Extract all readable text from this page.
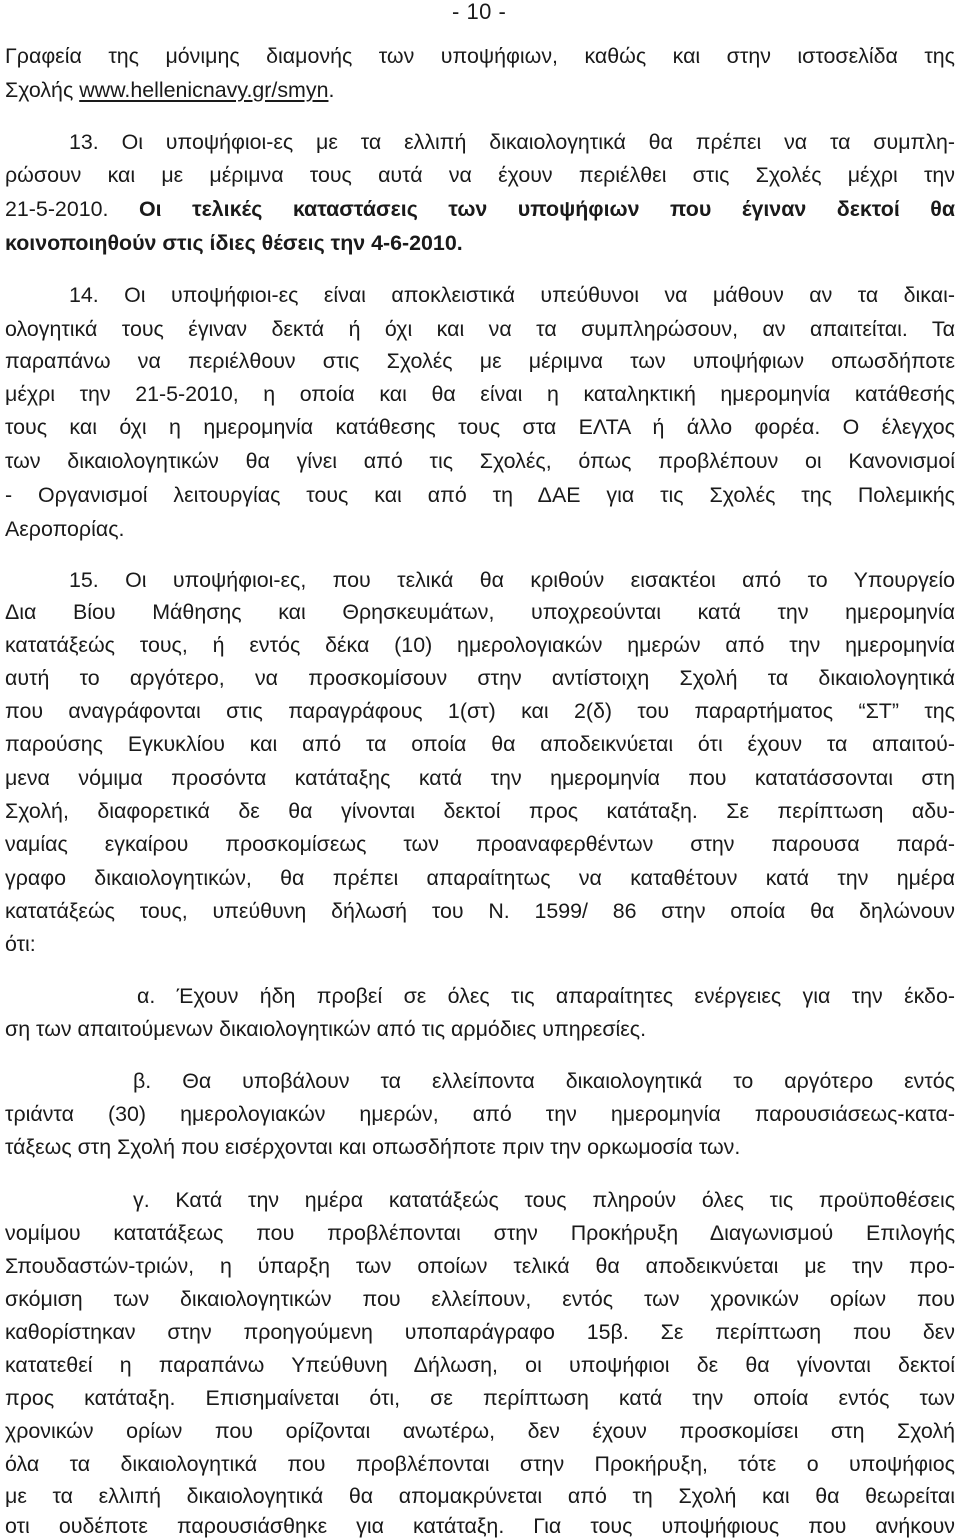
- 10 -
Γραφεία της μόνιμης διαμονής των υποψήφιων, καθώς και στην ιστοσελίδα της
Σχολής www.hellenicnavy.gr/smyn.
13. Οι υποψήφιοι-ες με τα ελλιπή δικαιολογητικά θα πρέπει να τα συμπλη-
ρώσουν και με μέριμνα τους αυτά να έχουν περιέλθει στις Σχολές μέχρι την
21-5-2010. Οι τελικές καταστάσεις των υποψήφιων που έγιναν δεκτοί θα
κοινοποιηθούν στις ίδιες θέσεις την 4-6-2010.
14. Οι υποψήφιοι-ες είναι αποκλειστικά υπεύθυνοι να μάθουν αν τα δικαι-
ολογητικά τους έγιναν δεκτά ή όχι και να τα συμπληρώσουν, αν απαιτείται. Τα
παραπάνω να περιέλθουν στις Σχολές με μέριμνα των υποψήφιων οπωσδήποτε
μέχρι την 21-5-2010, η οποία και θα είναι η καταληκτική ημερομηνία κατάθεσής
τους και όχι η ημερομηνία κατάθεσης τους στα ΕΛΤΑ ή άλλο φορέα. Ο έλεγχος
των δικαιολογητικών θα γίνει από τις Σχολές, όπως προβλέπουν οι Κανονισμοί
- Οργανισμοί λειτουργίας τους και από τη ΔΑΕ για τις Σχολές της Πολεμικής
Αεροπορίας.
15. Οι υποψήφιοι-ες, που τελικά θα κριθούν εισακτέοι από το Υπουργείο
Δια Βίου Μάθησης και Θρησκευμάτων, υποχρεούνται κατά την ημερομηνία
κατατάξεώς τους, ή εντός δέκα (10) ημερολογιακών ημερών από την ημερομηνία
αυτή το αργότερο, να προσκομίσουν στην αντίστοιχη Σχολή τα δικαιολογητικά
που αναγράφονται στις παραγράφους 1(στ) και 2(δ) του παραρτήματος “ΣΤ” της
παρούσης Εγκυκλίου και από τα οποία θα αποδεικνύεται ότι έχουν τα απαιτού-
μενα νόμιμα προσόντα κατάταξης κατά την ημερομηνία που κατατάσσονται στη
Σχολή, διαφορετικά δε θα γίνονται δεκτοί προς κατάταξη. Σε περίπτωση αδυ-
ναμίας εγκαίρου προσκομίσεως των προαναφερθέντων στην παρουσα παρά-
γραφο δικαιολογητικών, θα πρέπει απαραίτητως να καταθέτουν κατά την ημέρα
κατατάξεώς τους, υπεύθυνη δήλωσή του Ν. 1599/ 86 στην οποία θα δηλώνουν
ότι:
α. Έχουν ήδη προβεί σε όλες τις απαραίτητες ενέργειες για την έκδο-
ση των απαιτούμενων δικαιολογητικών από τις αρμόδιες υπηρεσίες.
β. Θα υποβάλουν τα ελλείποντα δικαιολογητικά το αργότερο εντός
τριάντα (30) ημερολογιακών ημερών, από την ημερομηνία παρουσιάσεως-κατα-
τάξεως στη Σχολή που εισέρχονται και οπωσδήποτε πριν την ορκωμοσία των.
γ. Κατά την ημέρα κατατάξεώς τους πληρούν όλες τις προϋποθέσεις
νομίμου κατατάξεως που προβλέπονται στην Προκήρυξη Διαγωνισμού Επιλογής
Σπουδαστών-τριών, η ύπαρξη των οποίων τελικά θα αποδεικνύεται με την προ-
σκόμιση των δικαιολογητικών που ελλείπουν, εντός των χρονικών ορίων που
καθορίστηκαν στην προηγούμενη υποπαράγραφο 15β. Σε περίπτωση που δεν
κατατεθεί η παραπάνω Υπεύθυνη Δήλωση, οι υποψήφιοι δε θα γίνονται δεκτοί
προς κατάταξη. Επισημαίνεται ότι, σε περίπτωση κατά την οποία εντός των
χρονικών ορίων που ορίζονται ανωτέρω, δεν έχουν προσκομίσει στη Σχολή
όλα τα δικαιολογητικά που προβλέπονται στην Προκήρυξη, τότε ο υποψήφιος
με τα ελλιπή δικαιολογητικά θα απομακρύνεται από τη Σχολή και θα θεωρείται
οτι ουδέποτε παρουσιάσθηκε για κατάταξη. Για τους υποψήφιους που ανήκουν
